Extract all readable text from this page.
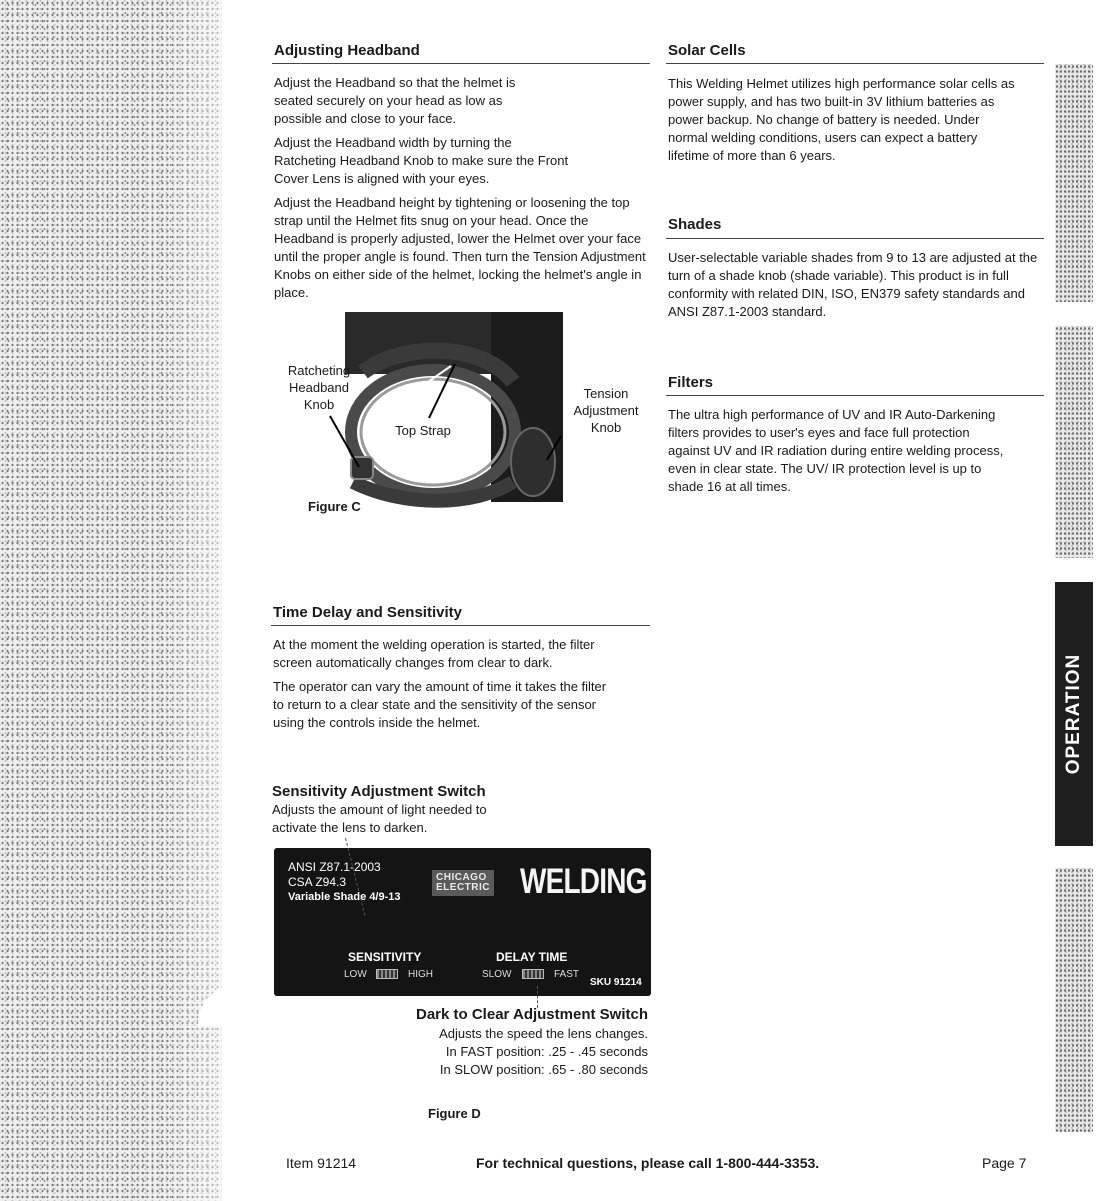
OPERATION
Adjusting Headband

Adjust the Headband so that the helmet is seated securely on your head as low as possible and close to your face.

Adjust the Headband width by turning the Ratcheting Headband Knob to make sure the Front Cover Lens is aligned with your eyes.

Adjust the Headband height by tightening or loosening the top strap until the Helmet fits snug on your head. Once the Headband is properly adjusted, lower the Helmet over your face until the proper angle is found. Then turn the Tension Adjustment Knobs on either side of the helmet, locking the helmet's angle in place.

Ratcheting Headband Knob
Top Strap
Tension Adjustment Knob
Figure C
Time Delay and Sensitivity

At the moment the welding operation is started, the filter screen automatically changes from clear to dark.

The operator can vary the amount of time it takes the filter to return to a clear state and the sensitivity of the sensor using the controls inside the helmet.

Sensitivity Adjustment Switch

Adjusts the amount of light needed to activate the lens to darken.

ANSI Z87.1-2003
CSA Z94.3
Variable Shade 4/9-13
CHICAGO
ELECTRIC WELDING
SENSITIVITY
LOW	HIGH
DELAY TIME
SLOW	FAST
SKU 91214
Dark to Clear Adjustment Switch
Adjusts the speed the lens changes.
In FAST position: .25 - .45 seconds
In SLOW position: .65 - .80 seconds
Figure D
Solar Cells

This Welding Helmet utilizes high performance solar cells as power supply, and has two built-in 3V lithium batteries as power backup. No change of battery is needed. Under normal welding conditions, users can expect a battery lifetime of more than 6 years.

Shades

User-selectable variable shades from 9 to 13 are adjusted at the turn of a shade knob (shade variable). This product is in full conformity with related DIN, ISO, EN379 safety standards and ANSI Z87.1-2003 standard.

Filters

The ultra high performance of UV and IR Auto-Darkening filters provides to user's eyes and face full protection against UV and IR radiation during entire welding process, even in clear state. The UV/ IR protection level is up to shade 16 at all times.

Item 91214	For technical questions, please call 1-800-444-3353.	Page 7
